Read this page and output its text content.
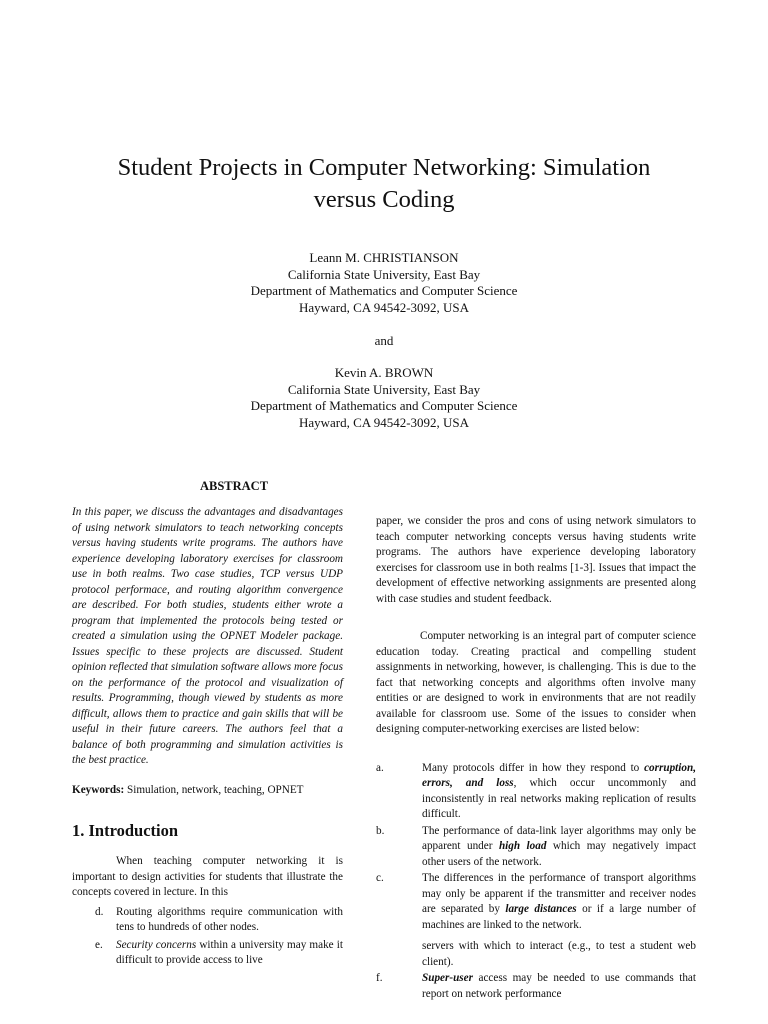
Student Projects in Computer Networking: Simulation
versus Coding
Leann M. CHRISTIANSON
California State University, East Bay
Department of Mathematics and Computer Science
Hayward, CA 94542-3092, USA
and
Kevin A. BROWN
California State University, East Bay
Department of Mathematics and Computer Science
Hayward, CA 94542-3092, USA
ABSTRACT

In this paper, we discuss the advantages and disadvantages of using network simulators to teach networking concepts versus having students write programs. The authors have experience developing laboratory exercises for classroom use in both realms. Two case studies, TCP versus UDP protocol performace, and routing algorithm convergence are described. For both studies, students either wrote a program that implemented the protocols being tested or created a simulation using the OPNET Modeler package. Issues specific to these projects are discussed. Student opinion reflected that simulation software allows more focus on the performance of the protocol and visualization of results. Programming, though viewed by students as more difficult, allows them to practice and gain skills that will be useful in their future careers. The authors feel that a balance of both programming and simulation activities is the best practice.

Keywords: Simulation, network, teaching, OPNET

1. Introduction

When teaching computer networking it is important to design activities for students that illustrate the concepts covered in lecture. In this

d. Routing algorithms require communication with tens to hundreds of other nodes.
e. Security concerns within a university may make it difficult to provide access to live

paper, we consider the pros and cons of using network simulators to teach computer networking concepts versus having students write programs. The authors have experience developing laboratory exercises for classroom use in both realms [1-3]. Issues that impact the development of effective networking assignments are presented along with case studies and student feedback.

Computer networking is an integral part of computer science education today. Creating practical and compelling student assignments in networking, however, is challenging. This is due to the fact that networking concepts and algorithms often involve many entities or are designed to work in environments that are not readily available for classroom use. Some of the issues to consider when designing computer-networking exercises are listed below:

a.	Many protocols differ in how they respond to corruption, errors, and loss, which occur uncommonly and inconsistently in real networks making replication of results difficult.
b.	The performance of data-link layer algorithms may only be apparent under high load which may negatively impact other users of the network.
c.	The differences in the performance of transport algorithms may only be apparent if the transmitter and receiver nodes are separated by large distances or if a large number of machines are linked to the network.

servers with which to interact (e.g., to test a student web client).

f.	Super-user access may be needed to use commands that report on network performance
